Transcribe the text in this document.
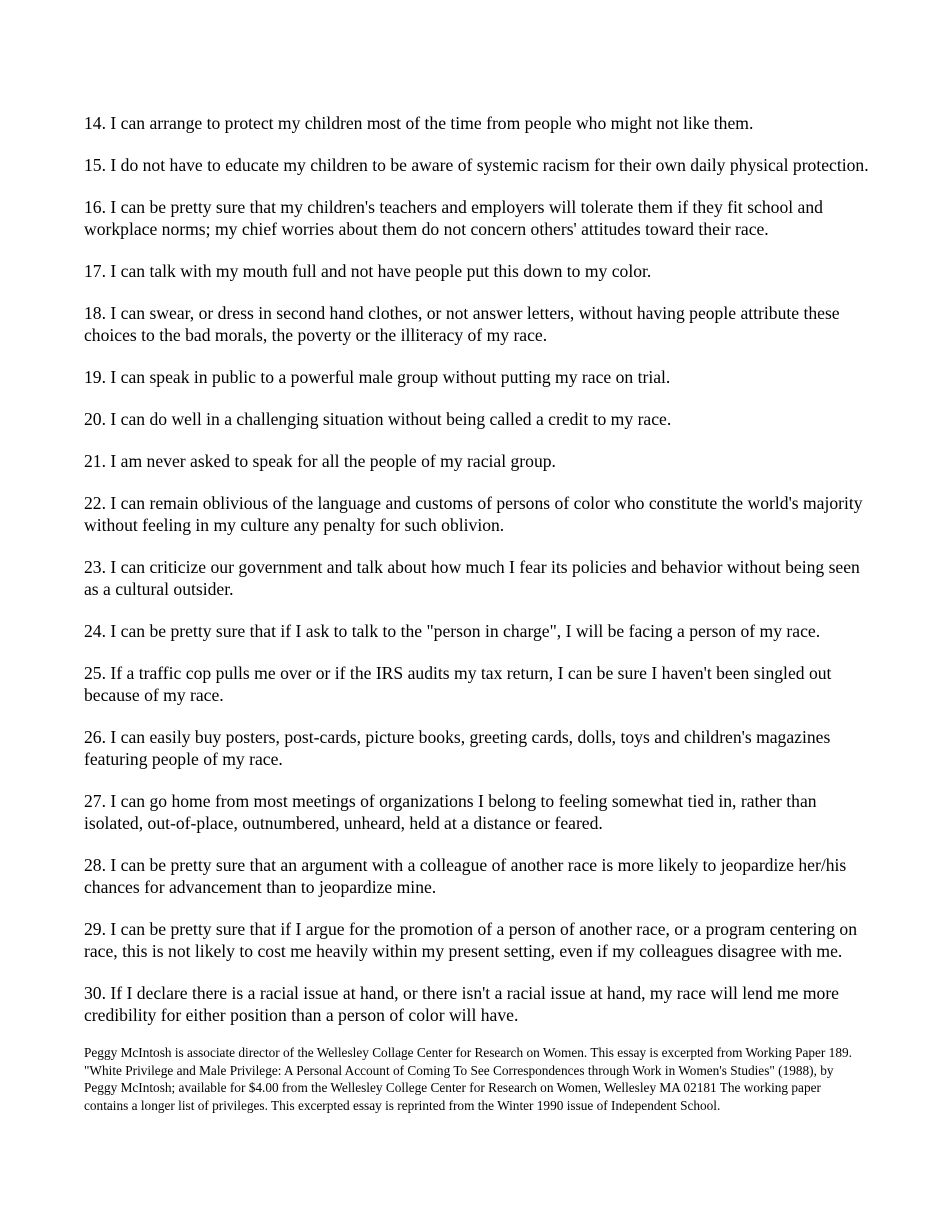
14. I can arrange to protect my children most of the time from people who might not like them.

15. I do not have to educate my children to be aware of systemic racism for their own daily physical protection.

16. I can be pretty sure that my children's teachers and employers will tolerate them if they fit school and workplace norms; my chief worries about them do not concern others' attitudes toward their race.

17. I can talk with my mouth full and not have people put this down to my color.

18. I can swear, or dress in second hand clothes, or not answer letters, without having people attribute these choices to the bad morals, the poverty or the illiteracy of my race.

19. I can speak in public to a powerful male group without putting my race on trial.

20. I can do well in a challenging situation without being called a credit to my race.

21. I am never asked to speak for all the people of my racial group.

22. I can remain oblivious of the language and customs of persons of color who constitute the world's majority without feeling in my culture any penalty for such oblivion.

23. I can criticize our government and talk about how much I fear its policies and behavior without being seen as a cultural outsider.

24. I can be pretty sure that if I ask to talk to the "person in charge", I will be facing a person of my race.

25. If a traffic cop pulls me over or if the IRS audits my tax return, I can be sure I haven't been singled out because of my race.

26. I can easily buy posters, post-cards, picture books, greeting cards, dolls, toys and children's magazines featuring people of my race.

27. I can go home from most meetings of organizations I belong to feeling somewhat tied in, rather than isolated, out-of-place, outnumbered, unheard, held at a distance or feared.

28. I can be pretty sure that an argument with a colleague of another race is more likely to jeopardize her/his chances for advancement than to jeopardize mine.

29. I can be pretty sure that if I argue for the promotion of a person of another race, or a program centering on race, this is not likely to cost me heavily within my present setting, even if my colleagues disagree with me.

30. If I declare there is a racial issue at hand, or there isn't a racial issue at hand, my race will lend me more credibility for either position than a person of color will have.

Peggy McIntosh is associate director of the Wellesley Collage Center for Research on Women. This essay is excerpted from Working Paper 189. "White Privilege and Male Privilege: A Personal Account of Coming To See Correspondences through Work in Women's Studies" (1988), by Peggy McIntosh; available for $4.00 from the Wellesley College Center for Research on Women, Wellesley MA 02181 The working paper contains a longer list of privileges. This excerpted essay is reprinted from the Winter 1990 issue of Independent School.
